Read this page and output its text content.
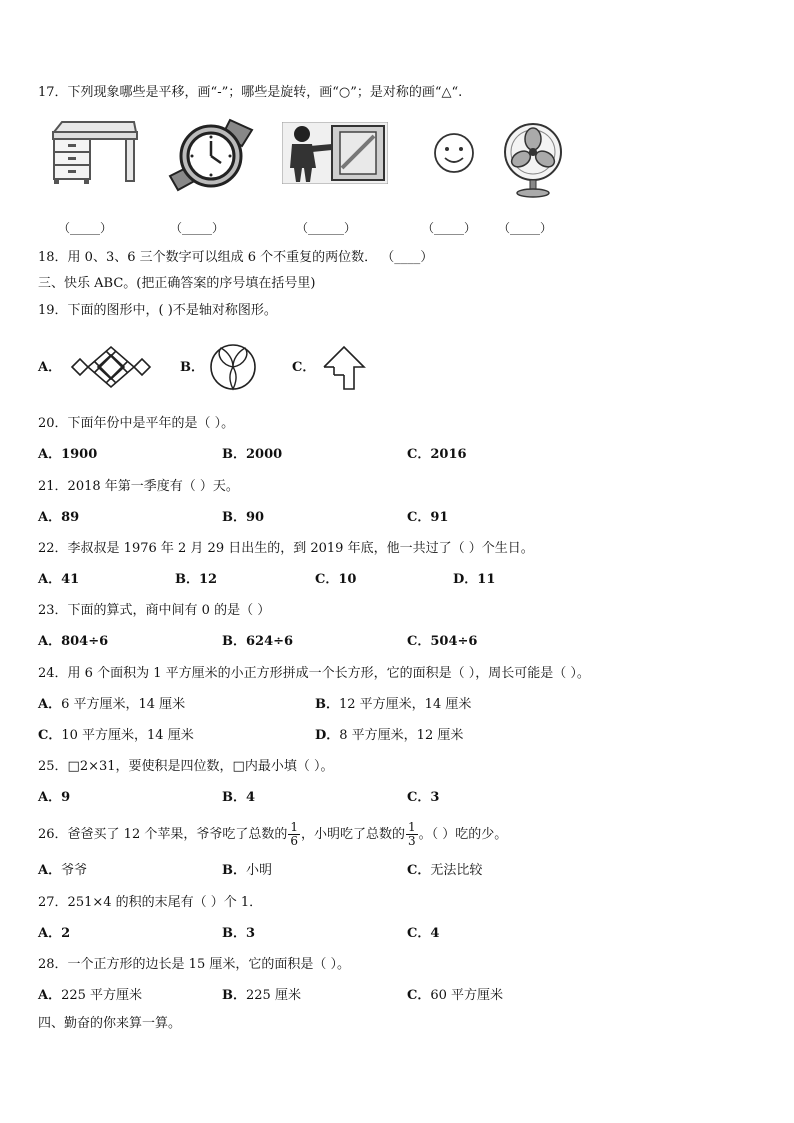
17．下列现象哪些是平移，画“-”；哪些是旋转，画“○”；是对称的画“△“.
（_____）	（_____）	（______）	（_____） （_____）
18．用 0、3、6 三个数字可以组成 6 个不重复的两位数． （____）
三、快乐 ABC。(把正确答案的序号填在括号里)
19．下面的图形中，( )不是轴对称图形。
A．	B．	C．
20．下面年份中是平年的是（ ）。
A．1900	B．2000	C．2016
21．2018 年第一季度有（ ）天。
A．89	B．90	C．91
22．李叔叔是 1976 年 2 月 29 日出生的，到 2019 年底，他一共过了（ ）个生日。
A．41	B．12	C．10	D．11
23．下面的算式，商中间有 0 的是（ ）
A．804÷6	B．624÷6	C．504÷6
24．用 6 个面积为 1 平方厘米的小正方形拼成一个长方形，它的面积是（ ），周长可能是（ ）。
A．6 平方厘米，14 厘米	B．12 平方厘米，14 厘米
C．10 平方厘米，14 厘米	D．8 平方厘米，12 厘米
25．□2×31，要使积是四位数，□内最小填（ ）。
A．9	B．4	C．3
26．爸爸买了 12 个苹果，爷爷吃了总数的 $\frac{1}{6}$ ，小明吃了总数的 $\frac{1}{3}$ 。（ ）吃的少。
A．爷爷	B．小明	C．无法比较
27．251×4 的积的末尾有（ ）个 1．
A．2	B．3	C．4
28．一个正方形的边长是 15 厘米，它的面积是（ ）。
A．225 平方厘米	B．225 厘米	C．60 平方厘米
四、勤奋的你来算一算。
